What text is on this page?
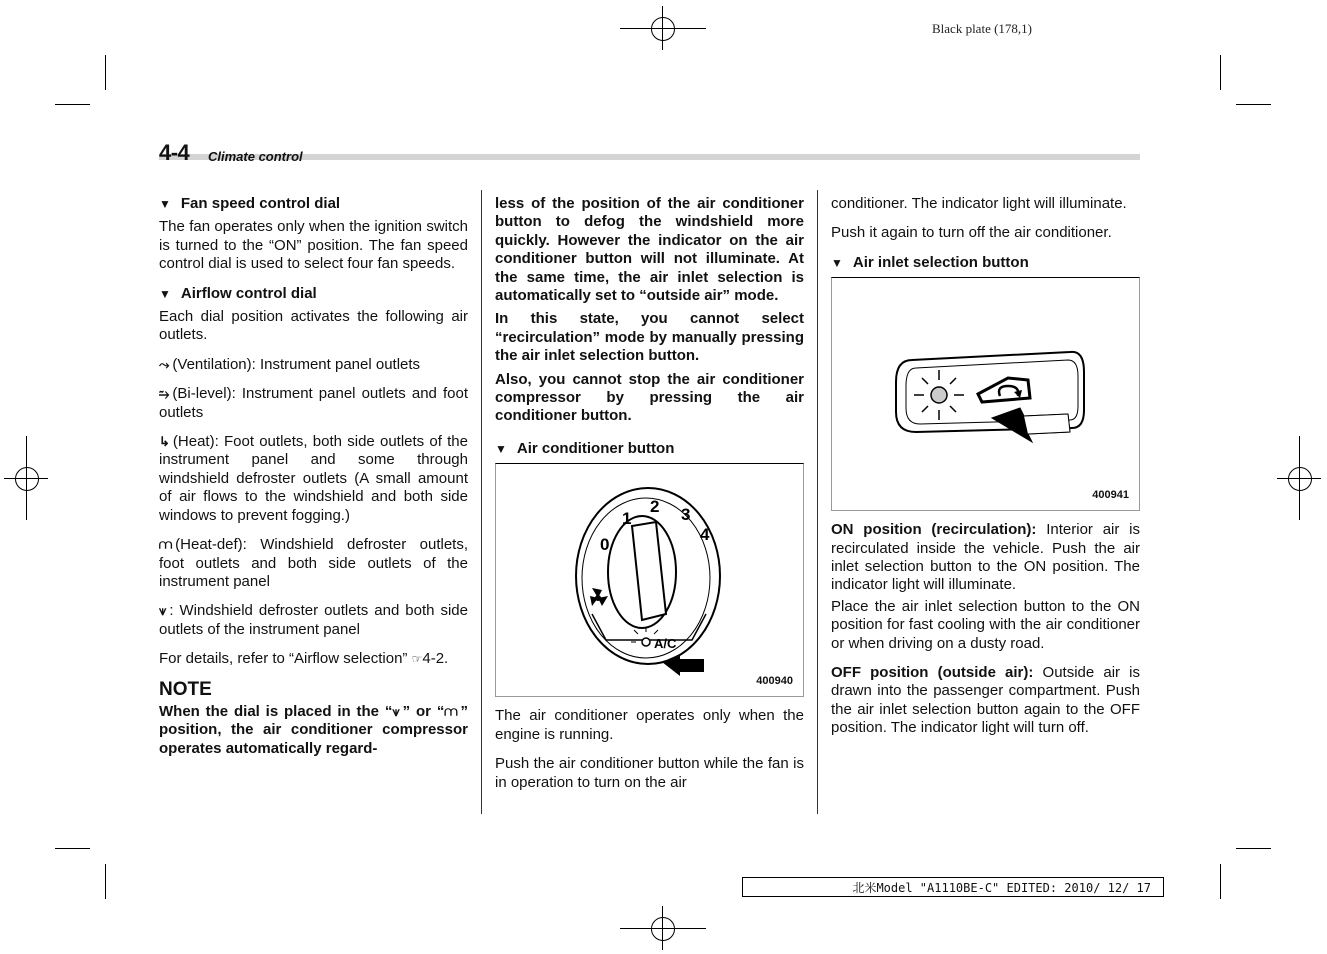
Black plate (178,1)
4-4 Climate control
▼ Fan speed control dial

The fan operates only when the ignition switch is turned to the “ON” position. The fan speed control dial is used to select four fan speeds.

▼ Airflow control dial

Each dial position activates the following air outlets.

⤳ (Ventilation): Instrument panel outlets

⥲ (Bi-level): Instrument panel outlets and foot outlets

↳ (Heat): Foot outlets, both side outlets of the instrument panel and some through windshield defroster outlets (A small amount of air flows to the windshield and both side windows to prevent fogging.)

⩋ (Heat-def): Windshield defroster outlets, foot outlets and both side outlets of the instrument panel

⩛ : Windshield defroster outlets and both side outlets of the instrument panel

For details, refer to “Airflow selection” ☞4-2.

NOTE

When the dial is placed in the “⩛ ” or “⩋ ” position, the air conditioner compressor operates automatically regard-

less of the position of the air conditioner button to defog the windshield more quickly. However the indicator on the air conditioner button will not illuminate. At the same time, the air inlet selection is automatically set to “outside air” mode.

In this state, you cannot select “recirculation” mode by manually pressing the air inlet selection button.

Also, you cannot stop the air conditioner compressor by pressing the air conditioner button.

▼ Air conditioner button
0
1
2 3
4
A/C
400940

The air conditioner operates only when the engine is running.

Push the air conditioner button while the fan is in operation to turn on the air

conditioner. The indicator light will illuminate.

Push it again to turn off the air conditioner.

▼ Air inlet selection button
400941

ON position (recirculation): Interior air is recirculated inside the vehicle. Push the air inlet selection button to the ON position. The indicator light will illuminate.

Place the air inlet selection button to the ON position for fast cooling with the air conditioner or when driving on a dusty road.

OFF position (outside air): Outside air is drawn into the passenger compartment. Push the air inlet selection button again to the OFF position. The indicator light will turn off.

北米Model "A1110BE-C" EDITED: 2010/ 12/ 17
